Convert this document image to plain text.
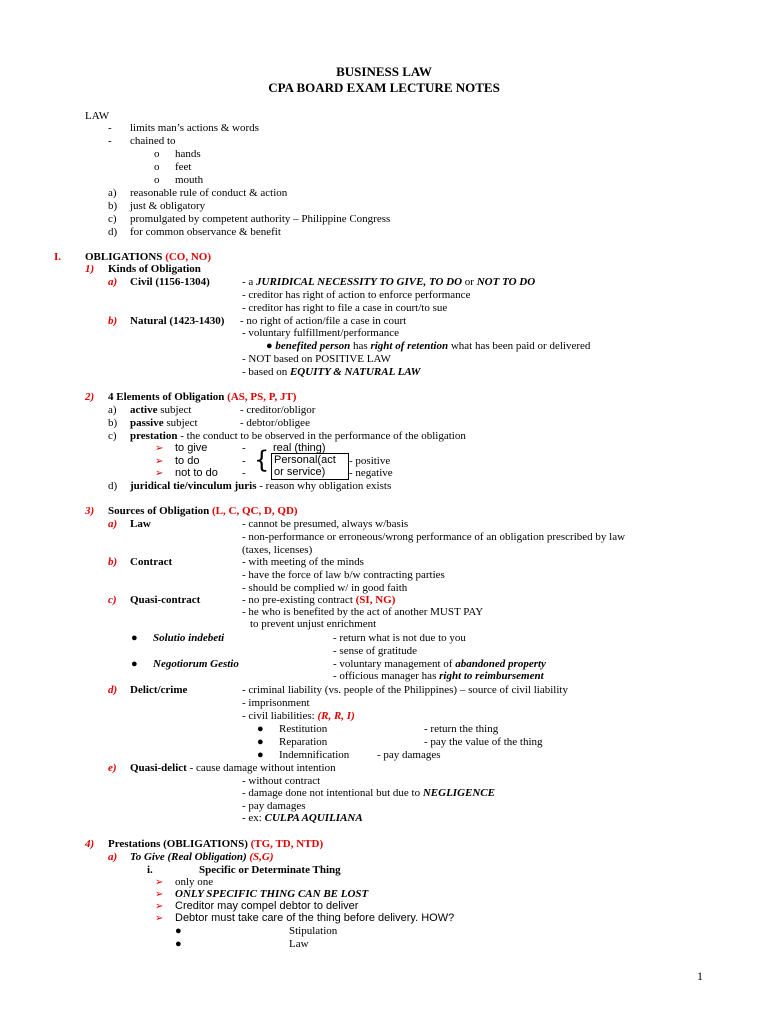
BUSINESS LAW
CPA BOARD EXAM LECTURE NOTES
LAW
- limits man’s actions & words
- chained to
o hands
o feet
o mouth
a) reasonable rule of conduct & action
b) just & obligatory
c) promulgated by competent authority – Philippine Congress
d) for common observance & benefit
I. OBLIGATIONS (CO, NO)
1) Kinds of Obligation
a) Civil (1156-1304)	- a JURIDICAL NECESSITY TO GIVE, TO DO or NOT TO DO
- creditor has right of action to enforce performance
- creditor has right to file a case in court/to sue
b) Natural (1423-1430) - no right of action/file a case in court
- voluntary fulfillment/performance
● benefited person has right of retention what has been paid or delivered
- NOT based on POSITIVE LAW
- based on EQUITY & NATURAL LAW
2) 4 Elements of Obligation (AS, PS, P, JT)
a) active subject	- creditor/obligor
b) passive subject	- debtor/obligee
c) prestation - the conduct to be observed in the performance of the obligation
➢ to give	- real (thing)
➢ to do	- { Personal(act
or service)
- positive
➢ not to do -	- negative
d) juridical tie/vinculum juris - reason why obligation exists
3) Sources of Obligation (L, C, QC, D, QD)
a) Law	- cannot be presumed, always w/basis
- non-performance or erroneous/wrong performance of an obligation prescribed by law
(taxes, licenses)
b) Contract	- with meeting of the minds
- have the force of law b/w contracting parties
- should be complied w/ in good faith
c) Quasi-contract	- no pre-existing contract (SI, NG)
- he who is benefited by the act of another MUST PAY
to prevent unjust enrichment
● Solutio indebeti	- return what is not due to you
- sense of gratitude
● Negotiorum Gestio	- voluntary management of abandoned property
- officious manager has right to reimbursement
d) Delict/crime	- criminal liability (vs. people of the Philippines) – source of civil liability
- imprisonment
- civil liabilities: (R, R, I)
● Restitution	- return the thing
● Reparation	- pay the value of the thing
● Indemnification	- pay damages
e) Quasi-delict - cause damage without intention
- without contract
- damage done not intentional but due to NEGLIGENCE
- pay damages
- ex: CULPA AQUILIANA
4) Prestations (OBLIGATIONS) (TG, TD, NTD)
a) To Give (Real Obligation) (S,G)
i.	Specific or Determinate Thing
➢ only one
➢ ONLY SPECIFIC THING CAN BE LOST
➢ Creditor may compel debtor to deliver
➢ Debtor must take care of the thing before delivery. HOW?
●	Stipulation
●	Law
1
